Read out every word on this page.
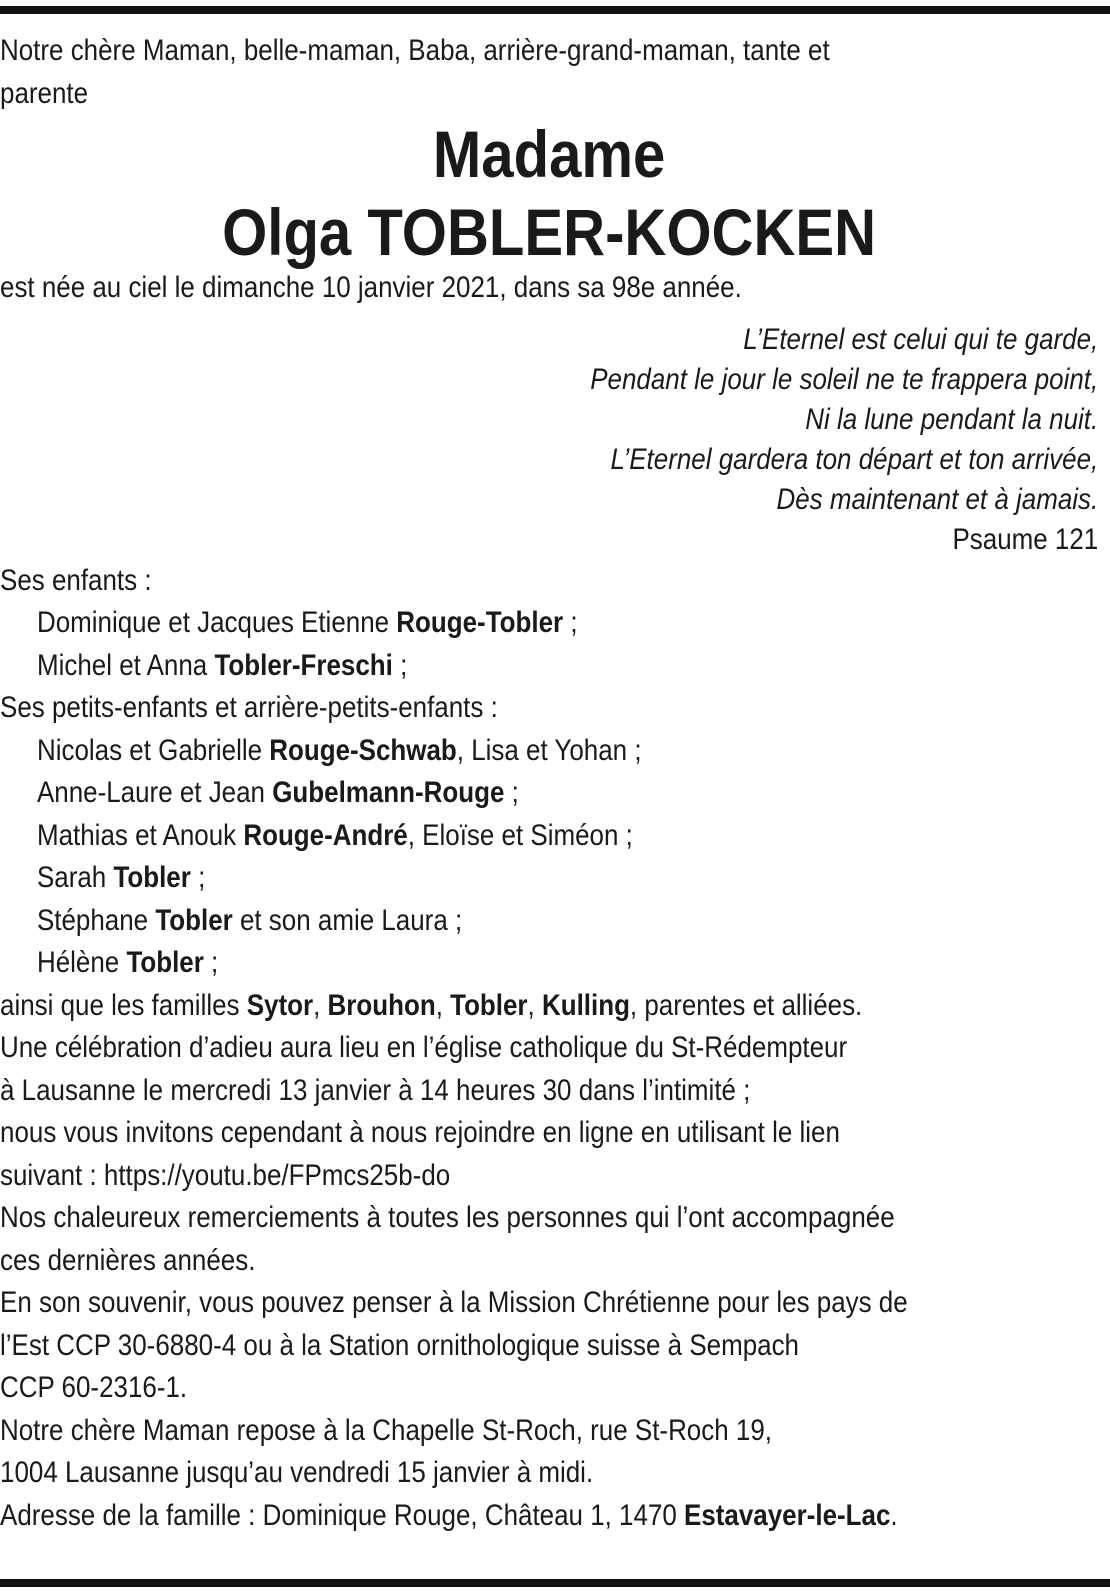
Notre chère Maman, belle-maman, Baba, arrière-grand-maman, tante et
parente
Madame
Olga TOBLER-KOCKEN
est née au ciel le dimanche 10 janvier 2021, dans sa 98e année.
L’Eternel est celui qui te garde,
Pendant le jour le soleil ne te frappera point,
Ni la lune pendant la nuit.
L’Eternel gardera ton départ et ton arrivée,
Dès maintenant et à jamais.
Psaume 121
Ses enfants :
Dominique et Jacques Etienne Rouge-Tobler ;
Michel et Anna Tobler-Freschi ;
Ses petits-enfants et arrière-petits-enfants :
Nicolas et Gabrielle Rouge-Schwab, Lisa et Yohan ;
Anne-Laure et Jean Gubelmann-Rouge ;
Mathias et Anouk Rouge-André, Eloïse et Siméon ;
Sarah Tobler ;
Stéphane Tobler et son amie Laura ;
Hélène Tobler ;
ainsi que les familles Sytor, Brouhon, Tobler, Kulling, parentes et alliées.
Une célébration d’adieu aura lieu en l’église catholique du St-Rédempteur
à Lausanne le mercredi 13 janvier à 14 heures 30 dans l’intimité ;
nous vous invitons cependant à nous rejoindre en ligne en utilisant le lien
suivant : https://youtu.be/FPmcs25b-do
Nos chaleureux remerciements à toutes les personnes qui l’ont accompagnée
ces dernières années.
En son souvenir, vous pouvez penser à la Mission Chrétienne pour les pays de
l’Est CCP 30-6880-4 ou à la Station ornithologique suisse à Sempach
CCP 60-2316-1.
Notre chère Maman repose à la Chapelle St-Roch, rue St-Roch 19,
1004 Lausanne jusqu’au vendredi 15 janvier à midi.
Adresse de la famille : Dominique Rouge, Château 1, 1470 Estavayer-le-Lac.
